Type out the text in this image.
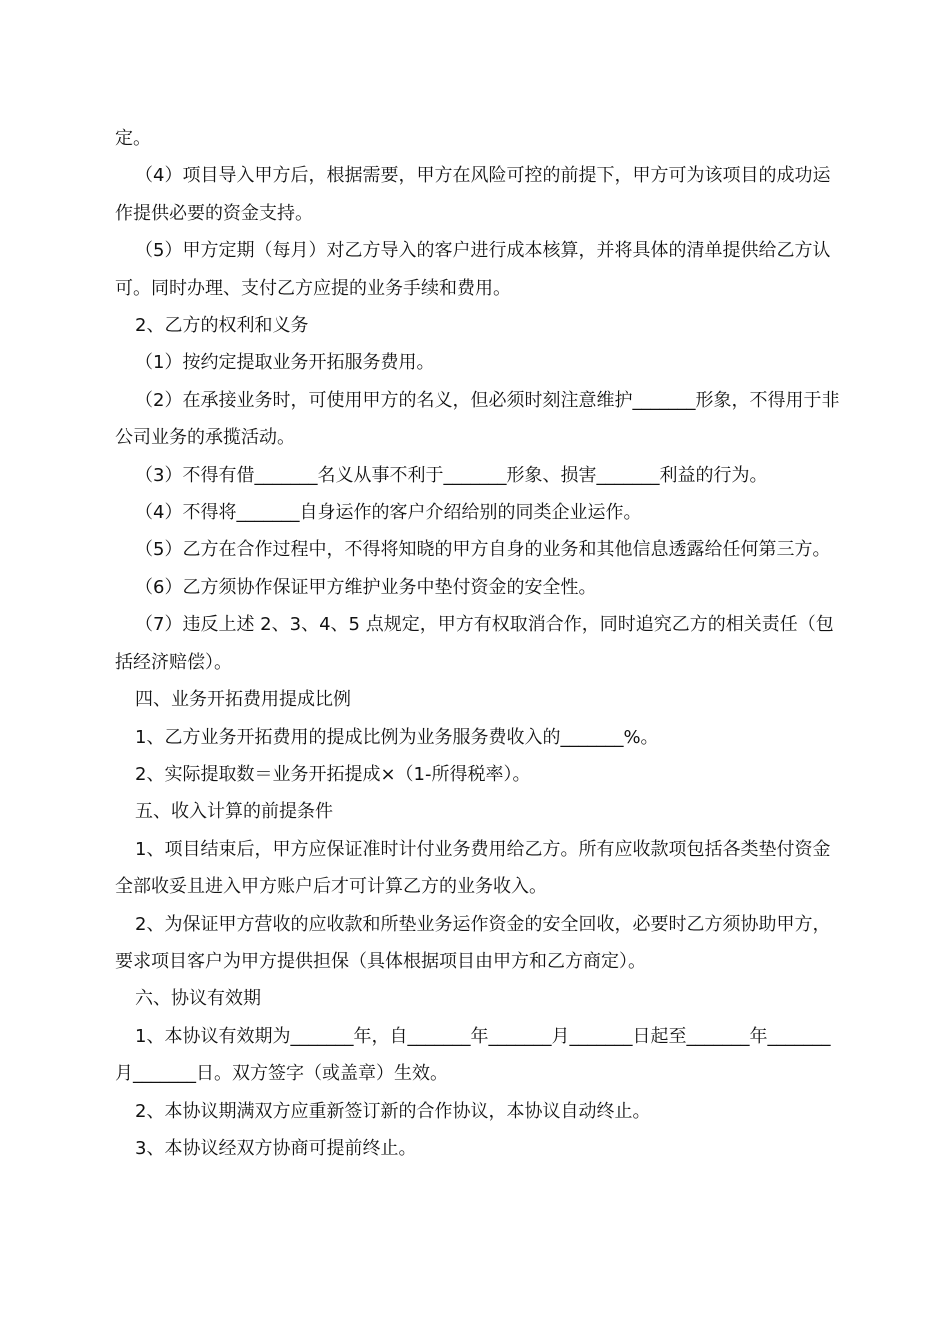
定。

（4）项目导入甲方后，根据需要，甲方在风险可控的前提下，甲方可为该项目的成功运作提供必要的资金支持。

（5）甲方定期（每月）对乙方导入的客户进行成本核算，并将具体的清单提供给乙方认可。同时办理、支付乙方应提的业务手续和费用。

2、乙方的权利和义务

（1）按约定提取业务开拓服务费用。

（2）在承接业务时，可使用甲方的名义，但必须时刻注意维护_______形象，不得用于非公司业务的承揽活动。

（3）不得有借_______名义从事不利于_______形象、损害_______利益的行为。

（4）不得将_______自身运作的客户介绍给别的同类企业运作。

（5）乙方在合作过程中，不得将知晓的甲方自身的业务和其他信息透露给任何第三方。

（6）乙方须协作保证甲方维护业务中垫付资金的安全性。

（7）违反上述 2、3、4、5 点规定，甲方有权取消合作，同时追究乙方的相关责任（包括经济赔偿）。

四、业务开拓费用提成比例

1、乙方业务开拓费用的提成比例为业务服务费收入的_______%。

2、实际提取数＝业务开拓提成×（1-所得税率）。

五、收入计算的前提条件

1、项目结束后，甲方应保证准时计付业务费用给乙方。所有应收款项包括各类垫付资金全部收妥且进入甲方账户后才可计算乙方的业务收入。

2、为保证甲方营收的应收款和所垫业务运作资金的安全回收，必要时乙方须协助甲方，要求项目客户为甲方提供担保（具体根据项目由甲方和乙方商定）。

六、协议有效期

1、本协议有效期为_______年，自_______年_______月_______日起至_______年_______月_______日。双方签字（或盖章）生效。

2、本协议期满双方应重新签订新的合作协议，本协议自动终止。

3、本协议经双方协商可提前终止。
